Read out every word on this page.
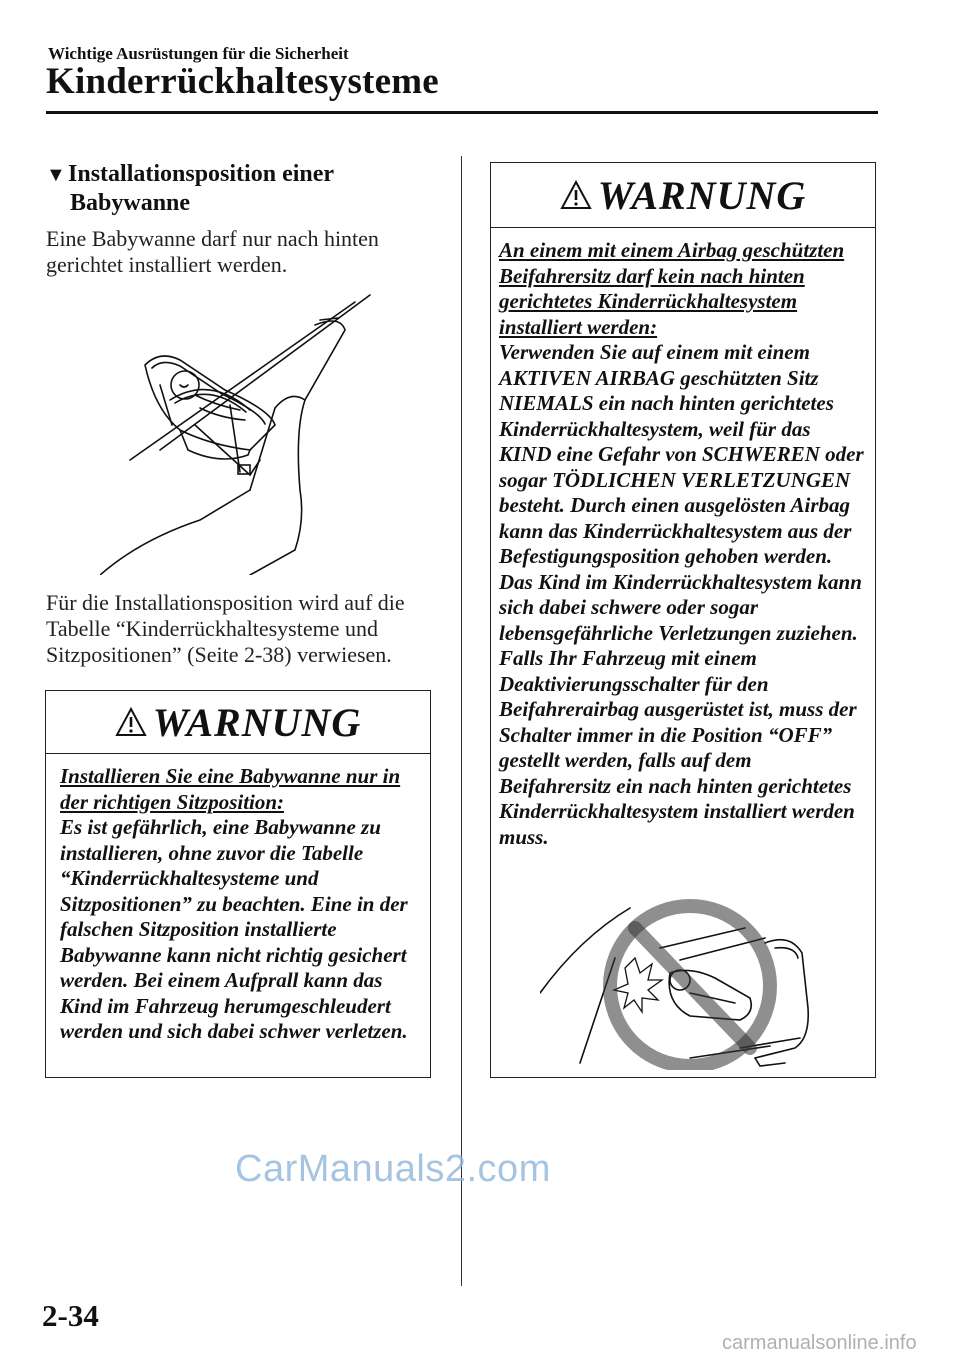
Wichtige Ausrüstungen für die Sicherheit
Kinderrückhaltesysteme
▼Installationsposition einer
Babywanne
Eine Babywanne darf nur nach hinten gerichtet installiert werden.
Für die Installationsposition wird auf die Tabelle “Kinderrückhaltesysteme und Sitzpositionen” (Seite 2-38) verwiesen.
WARNUNG
Installieren Sie eine Babywanne nur in der richtigen Sitzposition:
Es ist gefährlich, eine Babywanne zu installieren, ohne zuvor die Tabelle “Kinderrückhaltesysteme und Sitzpositionen” zu beachten. Eine in der falschen Sitzposition installierte Babywanne kann nicht richtig gesichert werden. Bei einem Aufprall kann das Kind im Fahrzeug herumgeschleudert werden und sich dabei schwer verletzen.
WARNUNG
An einem mit einem Airbag geschützten Beifahrersitz darf kein nach hinten gerichtetes Kinderrückhaltesystem installiert werden:
Verwenden Sie auf einem mit einem AKTIVEN AIRBAG geschützten Sitz NIEMALS ein nach hinten gerichtetes Kinderrückhaltesystem, weil für das KIND eine Gefahr von SCHWEREN oder sogar TÖDLICHEN VERLETZUNGEN besteht. Durch einen ausgelösten Airbag kann das Kinderrückhaltesystem aus der Befestigungsposition gehoben werden. Das Kind im Kinderrückhaltesystem kann sich dabei schwere oder sogar lebensgefährliche Verletzungen zuziehen. Falls Ihr Fahrzeug mit einem Deaktivierungsschalter für den Beifahrerairbag ausgerüstet ist, muss der Schalter immer in die Position “OFF” gestellt werden, falls auf dem Beifahrersitz ein nach hinten gerichtetes Kinderrückhaltesystem installiert werden muss.
CarManuals2.com
2-34
carmanualsonline.info
